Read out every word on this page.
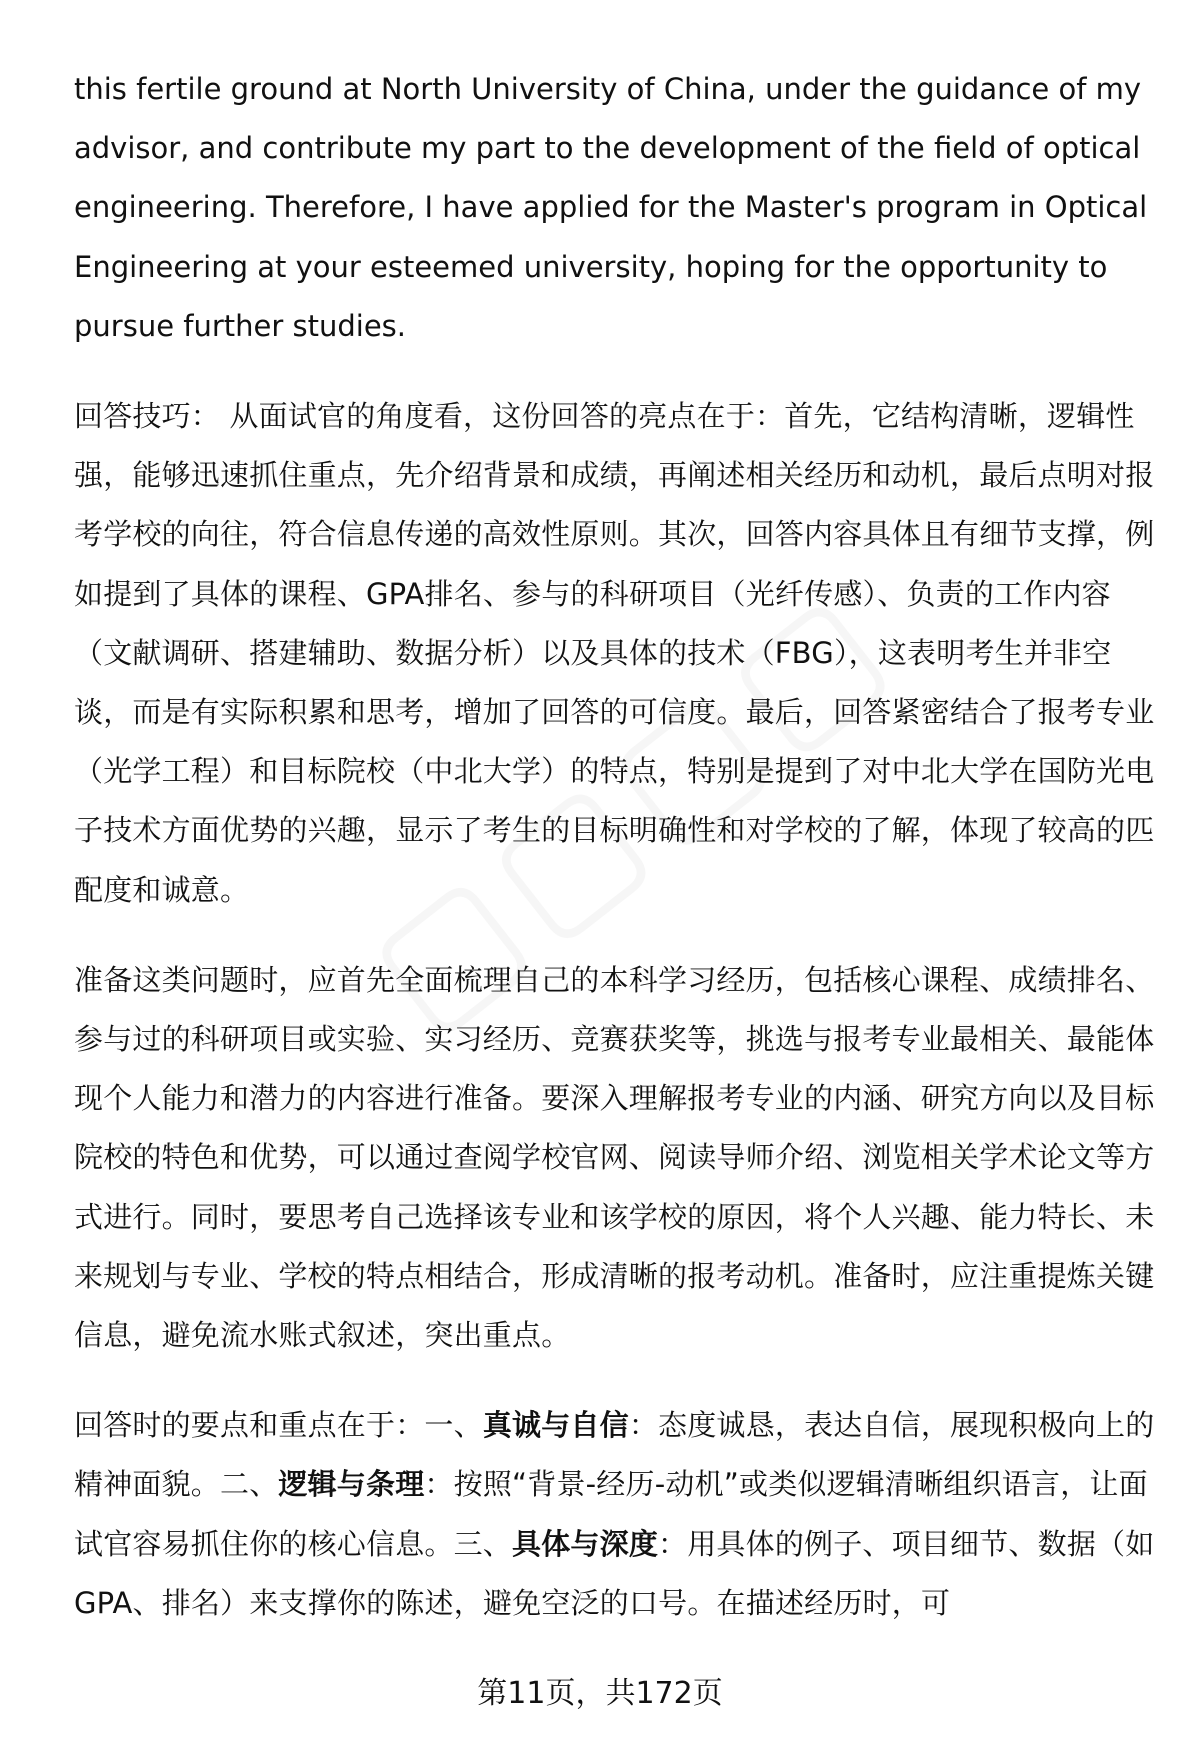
this fertile ground at North University of China, under the guidance of my advisor, and contribute my part to the development of the field of optical engineering. Therefore, I have applied for the Master's program in Optical Engineering at your esteemed university, hoping for the opportunity to pursue further studies.

回答技巧： 从面试官的角度看，这份回答的亮点在于：首先，它结构清晰，逻辑性强，能够迅速抓住重点，先介绍背景和成绩，再阐述相关经历和动机，最后点明对报考学校的向往，符合信息传递的高效性原则。其次，回答内容具体且有细节支撑，例如提到了具体的课程、GPA排名、参与的科研项目（光纤传感）、负责的工作内容（文献调研、搭建辅助、数据分析）以及具体的技术（FBG），这表明考生并非空谈，而是有实际积累和思考，增加了回答的可信度。最后，回答紧密结合了报考专业（光学工程）和目标院校（中北大学）的特点，特别是提到了对中北大学在国防光电子技术方面优势的兴趣，显示了考生的目标明确性和对学校的了解，体现了较高的匹配度和诚意。

准备这类问题时，应首先全面梳理自己的本科学习经历，包括核心课程、成绩排名、参与过的科研项目或实验、实习经历、竞赛获奖等，挑选与报考专业最相关、最能体现个人能力和潜力的内容进行准备。要深入理解报考专业的内涵、研究方向以及目标院校的特色和优势，可以通过查阅学校官网、阅读导师介绍、浏览相关学术论文等方式进行。同时，要思考自己选择该专业和该学校的原因，将个人兴趣、能力特长、未来规划与专业、学校的特点相结合，形成清晰的报考动机。准备时，应注重提炼关键信息，避免流水账式叙述，突出重点。

回答时的要点和重点在于：一、真诚与自信：态度诚恳，表达自信，展现积极向上的精神面貌。二、逻辑与条理：按照“背景-经历-动机”或类似逻辑清晰组织语言，让面试官容易抓住你的核心信息。三、具体与深度：用具体的例子、项目细节、数据（如GPA、排名）来支撑你的陈述，避免空泛的口号。在描述经历时，可

第11页，共172页
